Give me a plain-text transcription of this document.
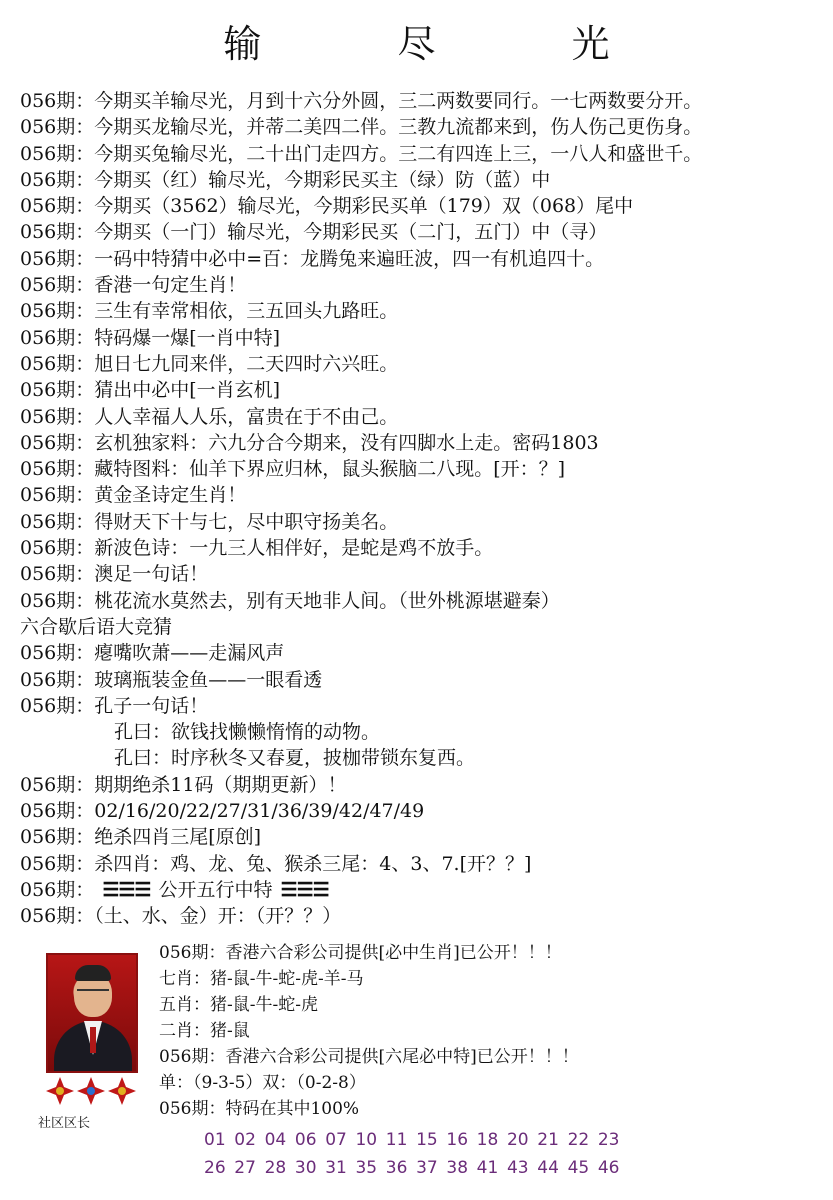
输 尽 光
056期：今期买羊输尽光，月到十六分外圆，三二两数要同行。一七两数要分开。
056期：今期买龙输尽光，并蒂二美四二伴。三教九流都来到，伤人伤己更伤身。
056期：今期买兔输尽光，二十出门走四方。三二有四连上三，一八人和盛世千。
056期：今期买（红）输尽光，今期彩民买主（绿）防（蓝）中
056期：今期买（3562）输尽光，今期彩民买单（179）双（068）尾中
056期：今期买（一门）输尽光，今期彩民买（二门，五门）中（寻）
056期：一码中特猜中必中=百：龙腾兔来遍旺波，四一有机追四十。
056期：香港一句定生肖！
056期：三生有幸常相依，三五回头九路旺。
056期：特码爆一爆[一肖中特]
056期：旭日七九同来伴，二天四时六兴旺。
056期：猜出中必中[一肖玄机]
056期：人人幸福人人乐，富贵在于不由己。
056期：玄机独家料：六九分合今期来，没有四脚水上走。密码1803
056期：藏特图料：仙羊下界应归林，鼠头猴脑二八现。[开：？]
056期：黄金圣诗定生肖！
056期：得财天下十与七，尽中职守扬美名。
056期：新波色诗：一九三人相伴好，是蛇是鸡不放手。
056期：澳足一句话！
056期：桃花流水莫然去，别有天地非人间。（世外桃源堪避秦）
六合歇后语大竞猜
056期：瘪嘴吹萧——走漏风声
056期：玻璃瓶装金鱼——一眼看透
056期：孔子一句话！
孔曰：欲钱找懒懒惰惰的动物。
孔曰：时序秋冬又春夏，披枷带锁东复西。
056期：期期绝杀11码（期期更新）！
056期：02/16/20/22/27/31/36/39/42/47/49
056期：绝杀四肖三尾[原创]
056期：杀四肖：鸡、龙、兔、猴杀三尾：4、3、7.[开？？]
056期： ☰☰☰ 公开五行中特 ☰☰☰
056期：（土、水、金）开：（开？？）
社区区长
056期：香港六合彩公司提供[必中生肖]已公开！！！
七肖：猪-鼠-牛-蛇-虎-羊-马
五肖：猪-鼠-牛-蛇-虎
二肖：猪-鼠
056期：香港六合彩公司提供[六尾必中特]已公开！！！
单：（9-3-5）双：（0-2-8）
056期：特码在其中100%
01 02 04 06 07 10 11 15 16 18 20 21 22 23
26 27 28 30 31 35 36 37 38 41 43 44 45 46
